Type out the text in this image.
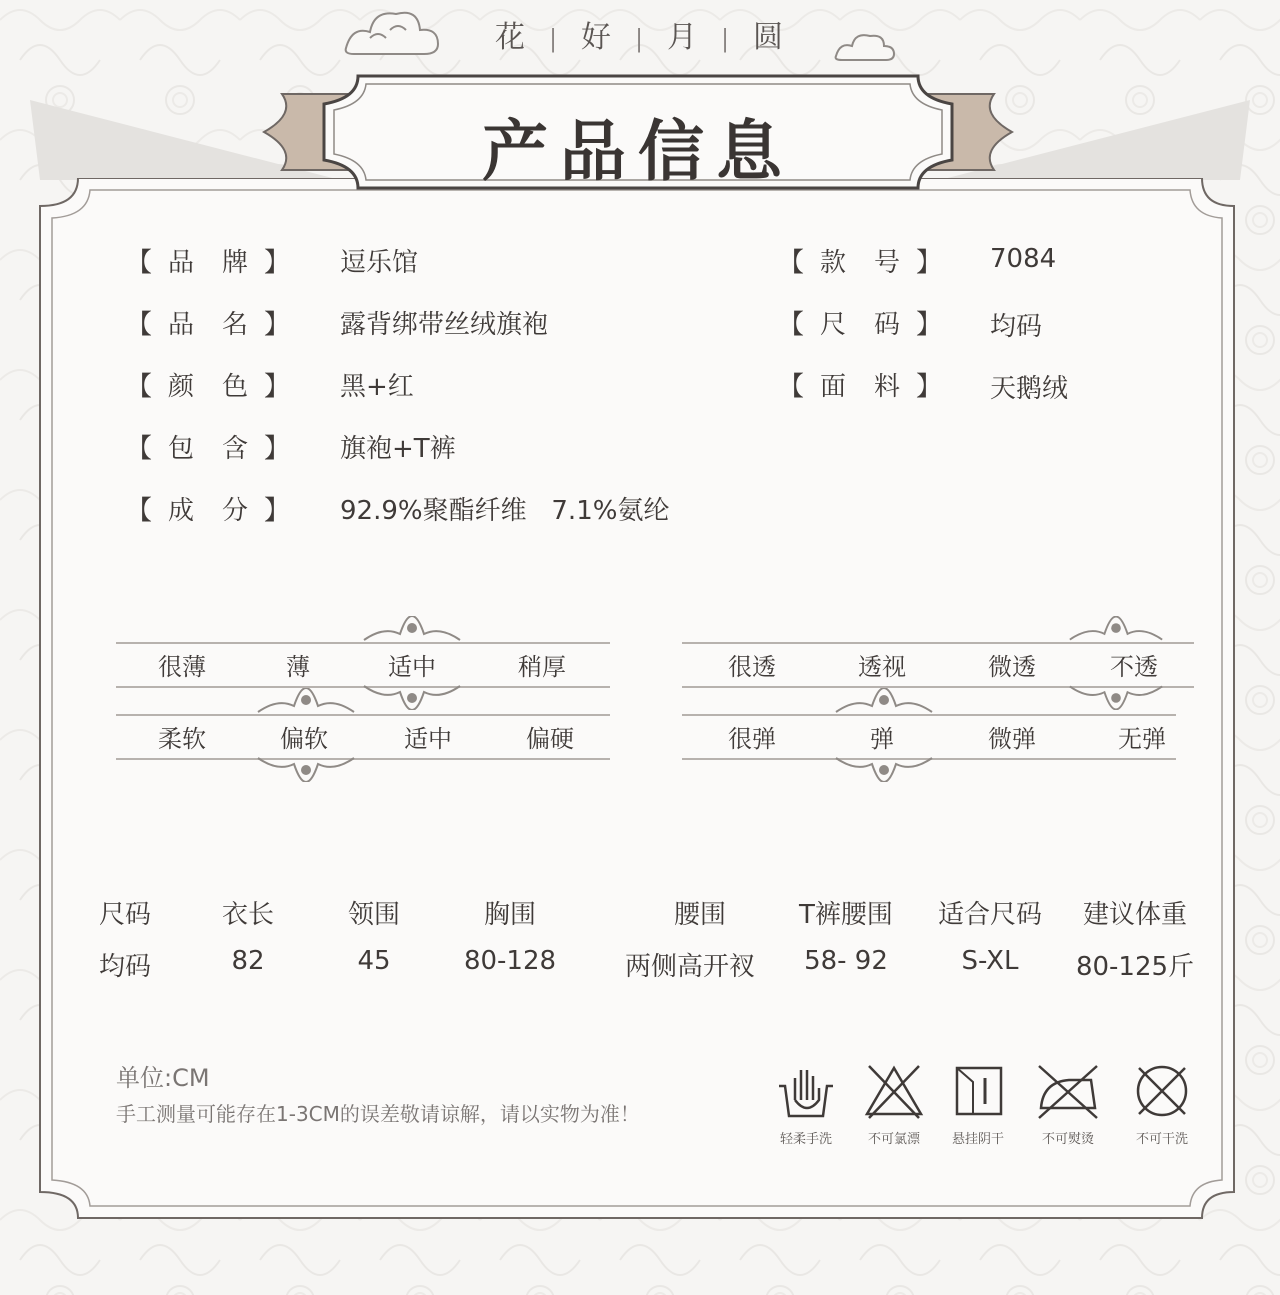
花 | 好 | 月 | 圆
产品信息
【 品 牌 】 逗乐馆
【 品 名 】 露背绑带丝绒旗袍
【 颜 色 】 黑+红
【 包 含 】 旗袍+T裤
【 成 分 】 92.9%聚酯纤维   7.1%氨纶
【 款 号 】 7084
【 尺 码 】 均码
【 面 料 】 天鹅绒
很薄	薄	适中	稍厚	很透	透视	微透	不透
柔软	偏软	适中	偏硬	很弹	弹	微弹	无弹
尺码	衣长	领围	胸围	腰围	T裤腰围	适合尺码	建议体重
均码	82	45	80-128	两侧高开衩	58- 92	S-XL	80-125斤
单位:CM
手工测量可能存在1-3CM的误差敬请谅解，请以实物为准！
轻柔手洗	不可氯漂	悬挂阴干	不可熨烫	不可干洗
